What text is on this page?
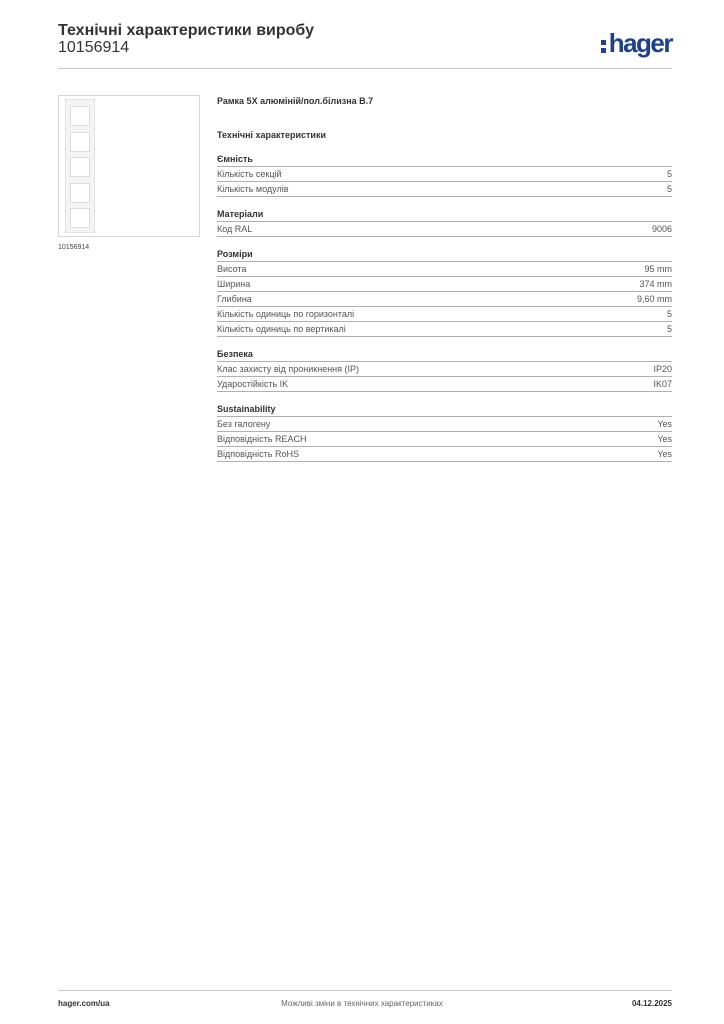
Технічні характеристики виробу
10156914	hager
10156914
Рамка 5X алюміній/пол.білизна B.7
Технічні характеристики
Ємність
Кількість секцій	5
Кількість модулів	5
Матеріали
Код RAL	9006
Розміри
Висота	95 mm
Ширина	374 mm
Глибина	9,60 mm
Кількість одиниць по горизонталі	5
Кількість одиниць по вертикалі	5
Безпека
Клас захисту від проникнення (IP)	IP20
Ударостійкість IK	IK07
Sustainability
Без галогену	Yes
Відповідність REACH	Yes
Відповідність RoHS	Yes
hager.com/ua	Можливі зміни в технічних характеристиках	04.12.2025
